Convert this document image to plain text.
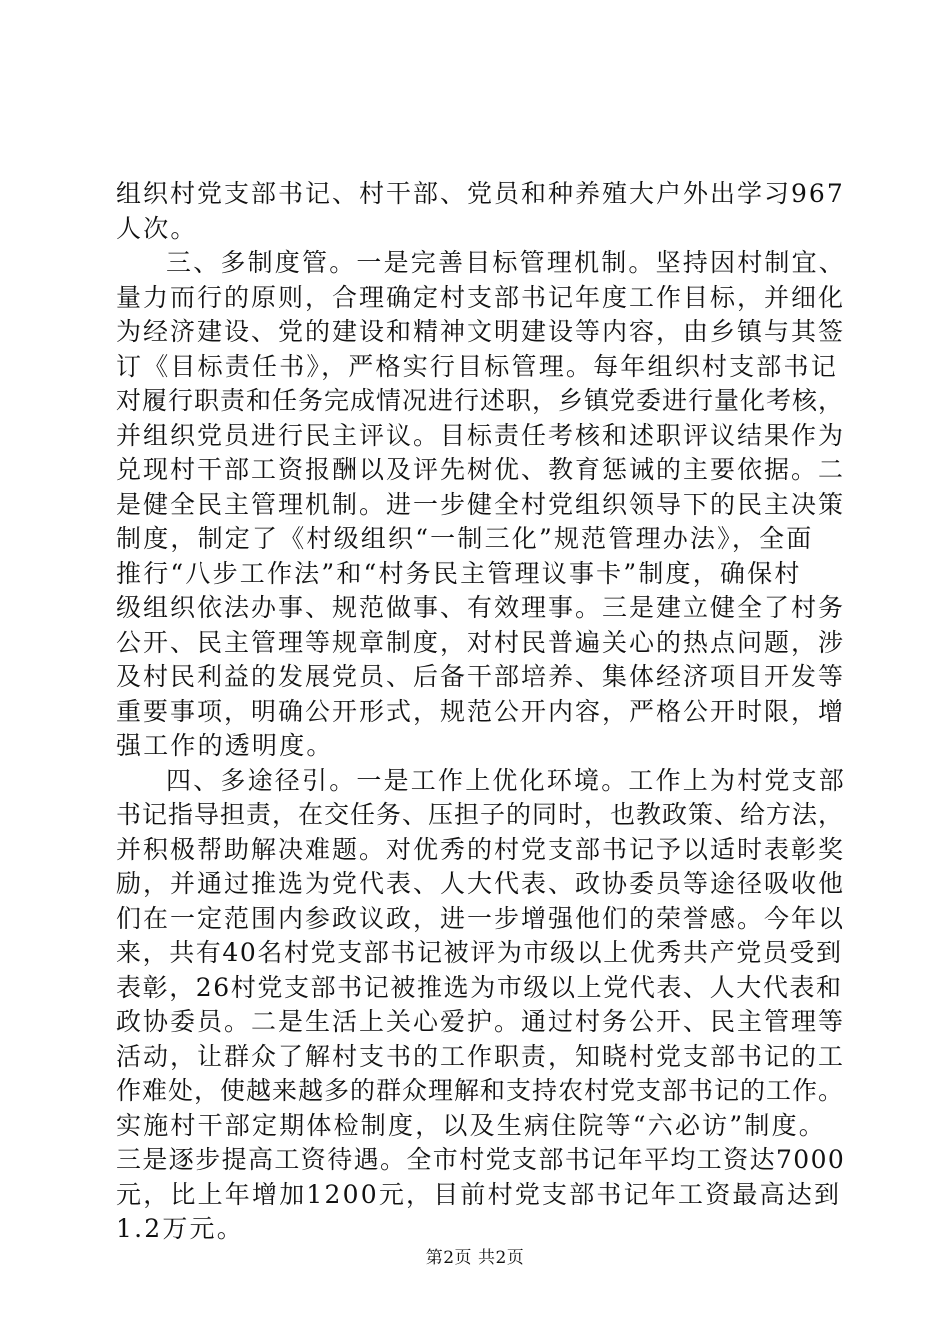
组织村党支部书记、村干部、党员和种养殖大户外出学习967
人次。
三、多制度管。一是完善目标管理机制。坚持因村制宜、
量力而行的原则，合理确定村支部书记年度工作目标，并细化
为经济建设、党的建设和精神文明建设等内容，由乡镇与其签
订《目标责任书》，严格实行目标管理。每年组织村支部书记
对履行职责和任务完成情况进行述职，乡镇党委进行量化考核，
并组织党员进行民主评议。目标责任考核和述职评议结果作为
兑现村干部工资报酬以及评先树优、教育惩诫的主要依据。二
是健全民主管理机制。进一步健全村党组织领导下的民主决策
制度，制定了《村级组织“一制三化”规范管理办法》，全面
推行“八步工作法”和“村务民主管理议事卡”制度，确保村
级组织依法办事、规范做事、有效理事。三是建立健全了村务
公开、民主管理等规章制度，对村民普遍关心的热点问题，涉
及村民利益的发展党员、后备干部培养、集体经济项目开发等
重要事项，明确公开形式，规范公开内容，严格公开时限，增
强工作的透明度。
四、多途径引。一是工作上优化环境。工作上为村党支部
书记指导担责，在交任务、压担子的同时，也教政策、给方法，
并积极帮助解决难题。对优秀的村党支部书记予以适时表彰奖
励，并通过推选为党代表、人大代表、政协委员等途径吸收他
们在一定范围内参政议政，进一步增强他们的荣誉感。今年以
来，共有40名村党支部书记被评为市级以上优秀共产党员受到
表彰，26村党支部书记被推选为市级以上党代表、人大代表和
政协委员。二是生活上关心爱护。通过村务公开、民主管理等
活动，让群众了解村支书的工作职责，知晓村党支部书记的工
作难处，使越来越多的群众理解和支持农村党支部书记的工作。
实施村干部定期体检制度，以及生病住院等“六必访”制度。
三是逐步提高工资待遇。全市村党支部书记年平均工资达7000
元，比上年增加1200元，目前村党支部书记年工资最高达到
1.2万元。
第2页 共2页
